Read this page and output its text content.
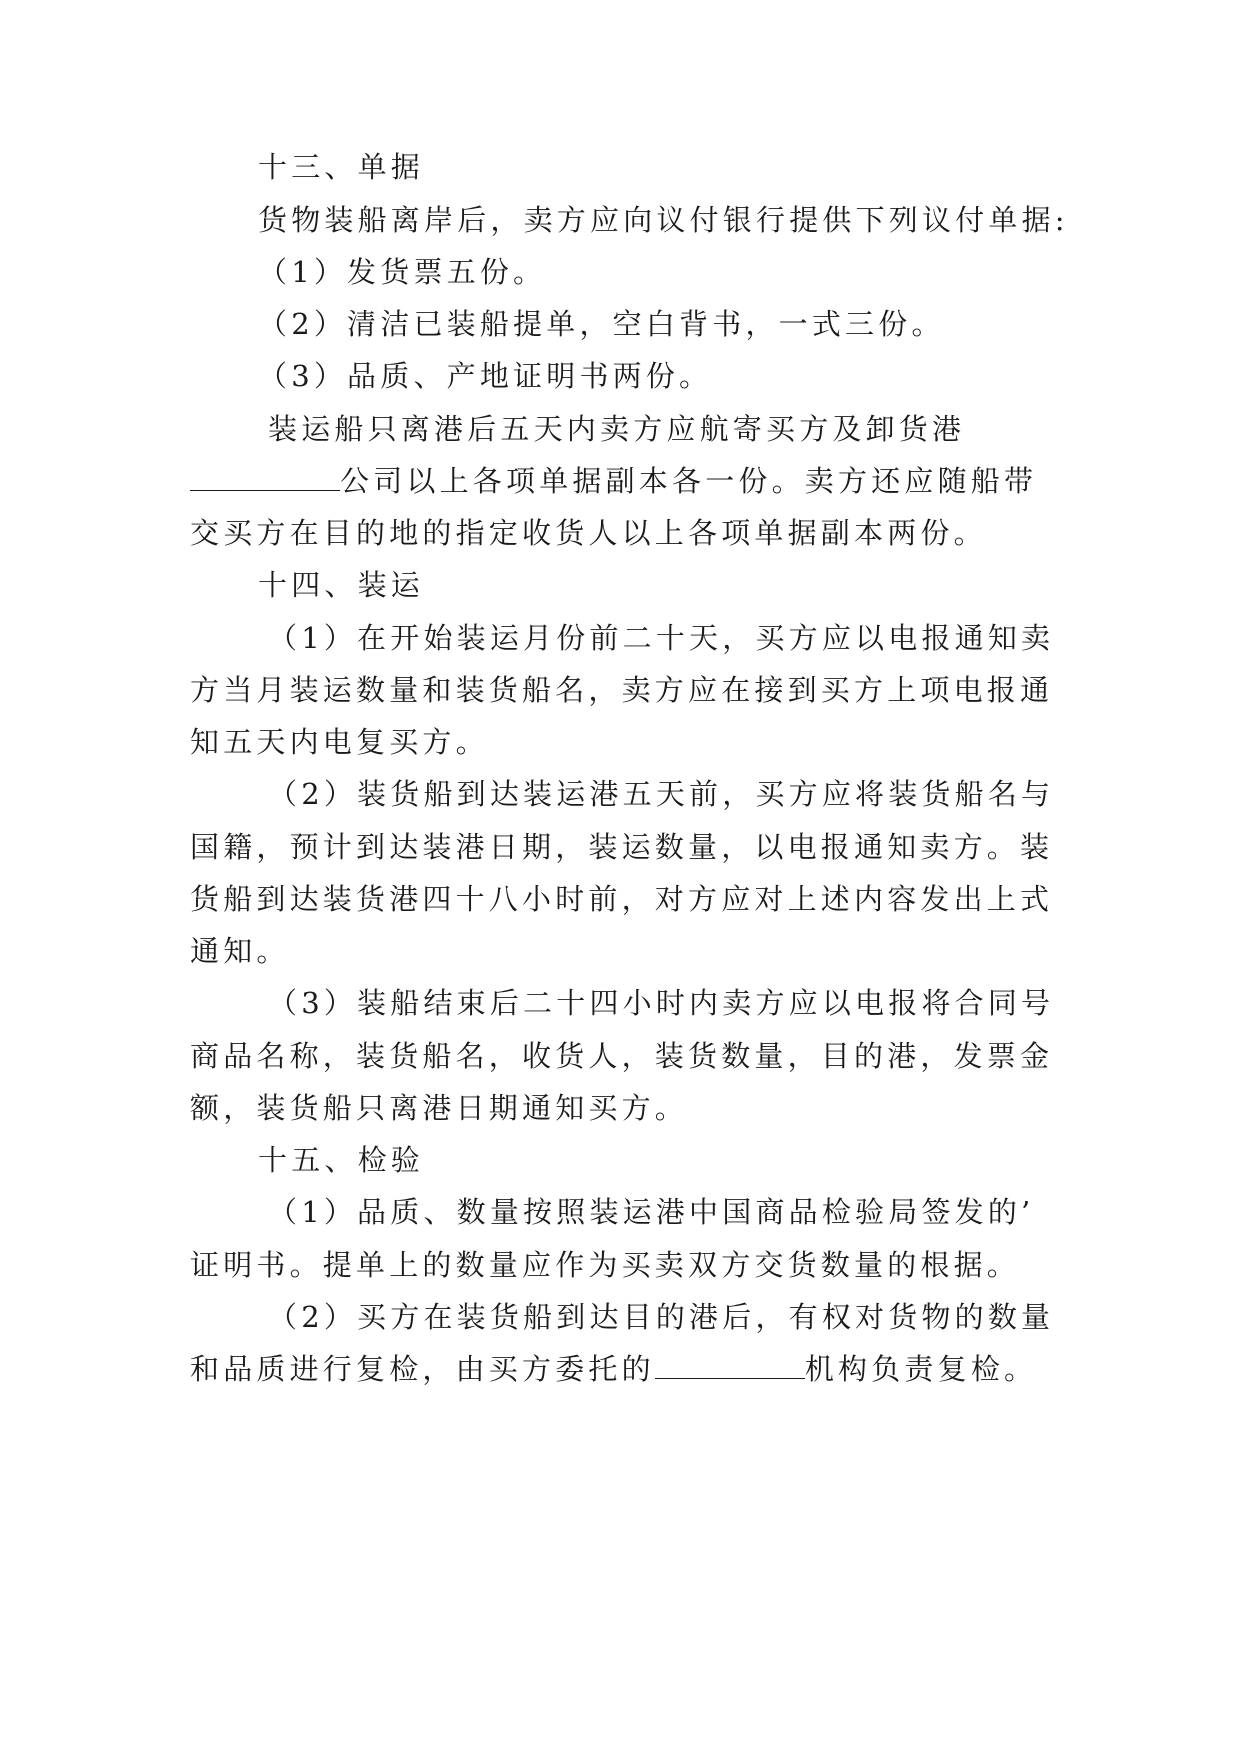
十三、单据
货物装船离岸后，卖方应向议付银行提供下列议付单据:
（1）发货票五份。
（2）清洁已装船提单，空白背书，一式三份。
（3）品质、产地证明书两份。
装运船只离港后五天内卖方应航寄买方及卸货港
公司以上各项单据副本各一份。卖方还应随船带
交买方在目的地的指定收货人以上各项单据副本两份。
十四、装运
（1）在开始装运月份前二十天，买方应以电报通知卖
方当月装运数量和装货船名，卖方应在接到买方上项电报通
知五天内电复买方。
（2）装货船到达装运港五天前，买方应将装货船名与
国籍，预计到达装港日期，装运数量，以电报通知卖方。装
货船到达装货港四十八小时前，对方应对上述内容发出上式
通知。
（3）装船结束后二十四小时内卖方应以电报将合同号
商品名称，装货船名，收货人，装货数量，目的港，发票金
额，装货船只离港日期通知买方。
十五、检验
（1）品质、数量按照装运港中国商品检验局签发的’
证明书。提单上的数量应作为买卖双方交货数量的根据。
（2）买方在装货船到达目的港后，有权对货物的数量
和品质进行复检，由买方委托的	机构负责复检。
